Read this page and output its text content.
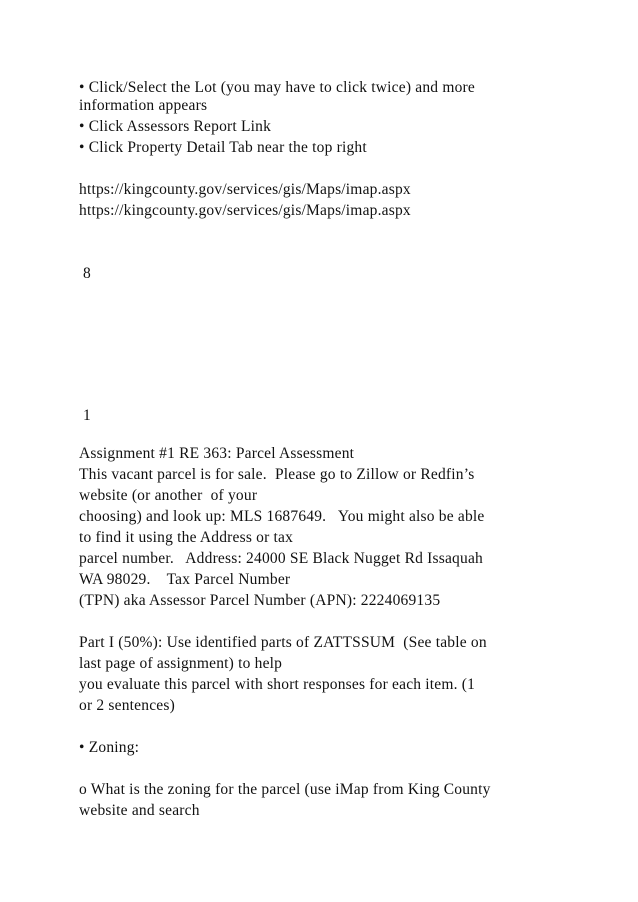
• Click/Select the Lot (you may have to click twice) and more
information appears
• Click Assessors Report Link
• Click Property Detail Tab near the top right
https://kingcounty.gov/services/gis/Maps/imap.aspx
https://kingcounty.gov/services/gis/Maps/imap.aspx
8
1
Assignment #1 RE 363: Parcel Assessment
This vacant parcel is for sale.  Please go to Zillow or Redfin’s
website (or another  of your
choosing) and look up: MLS 1687649.   You might also be able
to find it using the Address or tax
parcel number.   Address: 24000 SE Black Nugget Rd Issaquah
WA 98029.    Tax Parcel Number
(TPN) aka Assessor Parcel Number (APN): 2224069135
Part I (50%): Use identified parts of ZATTSSUM  (See table on
last page of assignment) to help
you evaluate this parcel with short responses for each item. (1
or 2 sentences)
• Zoning:
o What is the zoning for the parcel (use iMap from King County
website and search
